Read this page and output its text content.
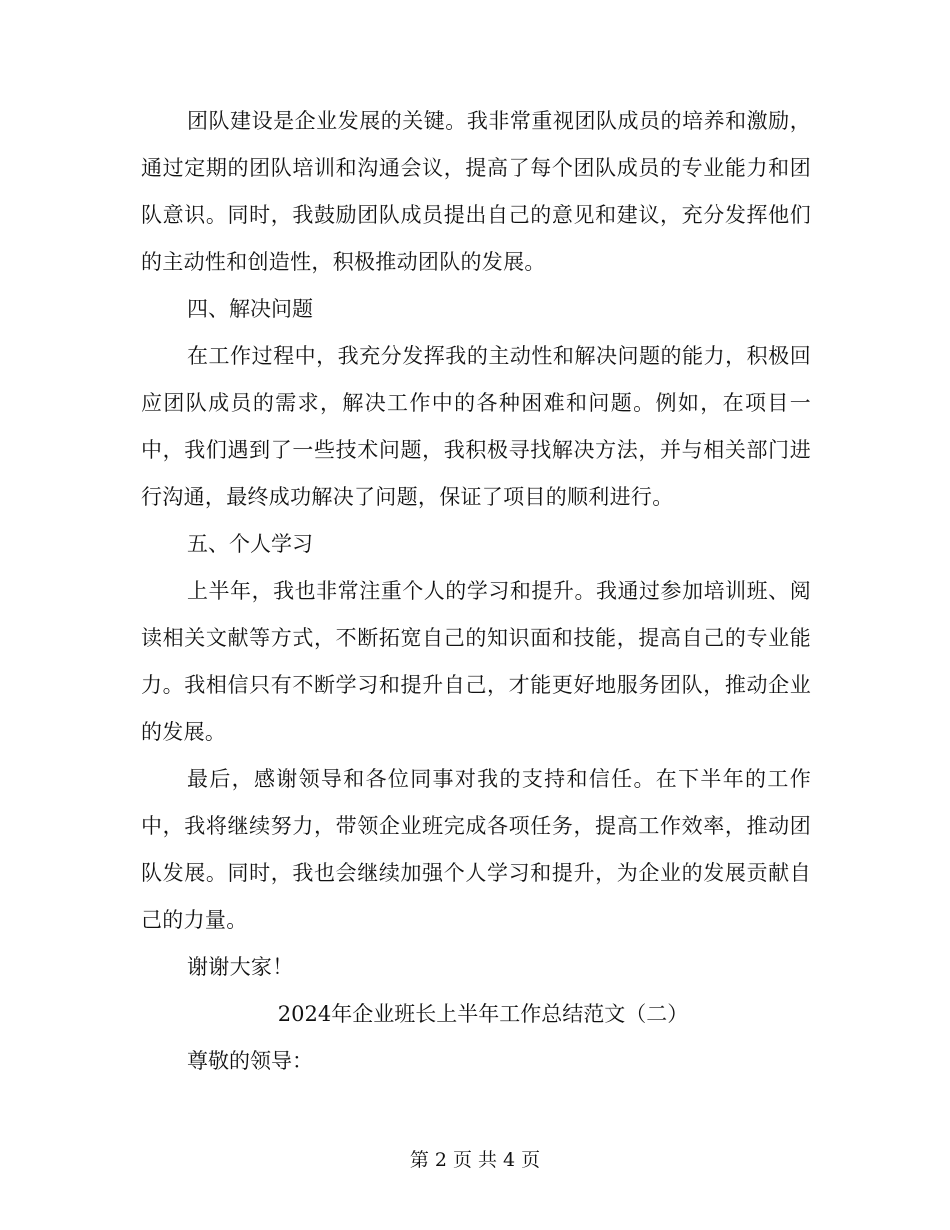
团队建设是企业发展的关键。我非常重视团队成员的培养和激励，通过定期的团队培训和沟通会议，提高了每个团队成员的专业能力和团队意识。同时，我鼓励团队成员提出自己的意见和建议，充分发挥他们的主动性和创造性，积极推动团队的发展。

四、解决问题

在工作过程中，我充分发挥我的主动性和解决问题的能力，积极回应团队成员的需求，解决工作中的各种困难和问题。例如，在项目一中，我们遇到了一些技术问题，我积极寻找解决方法，并与相关部门进行沟通，最终成功解决了问题，保证了项目的顺利进行。

五、个人学习

上半年，我也非常注重个人的学习和提升。我通过参加培训班、阅读相关文献等方式，不断拓宽自己的知识面和技能，提高自己的专业能力。我相信只有不断学习和提升自己，才能更好地服务团队，推动企业的发展。

最后，感谢领导和各位同事对我的支持和信任。在下半年的工作中，我将继续努力，带领企业班完成各项任务，提高工作效率，推动团队发展。同时，我也会继续加强个人学习和提升，为企业的发展贡献自己的力量。

谢谢大家！

2024年企业班长上半年工作总结范文（二）

尊敬的领导：

第 2 页 共 4 页
